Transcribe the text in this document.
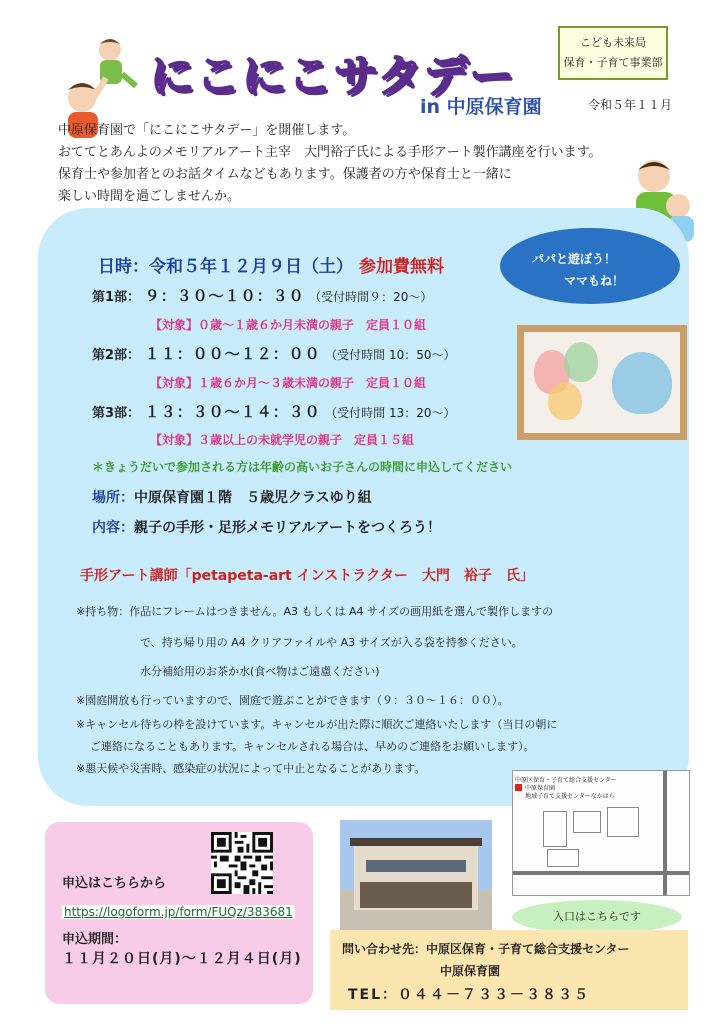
にこにこサタデー
in 中原保育園
こども未来局
保育・子育て事業部
令和５年１１月
中原保育園で「にこにこサタデー」を開催します。
おててとあんよのメモリアルアート主宰　大門裕子氏による手形アート製作講座を行います。
保育士や参加者とのお話タイムなどもあります。保護者の方や保育士と一緒に
楽しい時間を過ごしませんか。
パパと遊ぼう！
ママもね！
日時：令和５年１２月９日（土） 参加費無料
第1部： ９：３０～１０：３０ （受付時間９：20～）
【対象】０歳～１歳６か月未満の親子　定員１０組
第2部： １１：００～１２：００ （受付時間 10：50～）
【対象】１歳６か月～３歳未満の親子　定員１０組
第3部： １３：３０～１４：３０ （受付時間 13：20～）
【対象】３歳以上の未就学児の親子　定員１５組
＊きょうだいで参加される方は年齢の高いお子さんの時間に申込してください
場所：中原保育園１階　５歳児クラスゆり組
内容：親子の手形・足形メモリアルアートをつくろう！
手形アート講師「petapeta-art インストラクター　大門　裕子　氏」
※持ち物：作品にフレームはつきません。A3 もしくは A4 サイズの画用紙を選んで製作しますの
で、持ち帰り用の A4 クリアファイルや A3 サイズが入る袋を持参ください。
水分補給用のお茶か水(食べ物はご遠慮ください)
※園庭開放も行っていますので、園庭で遊ぶことができます（９：３０～１６：００）。
※キャンセル待ちの枠を設けています。キャンセルが出た際に順次ご連絡いたします（当日の朝に
ご連絡になることもあります。キャンセルされる場合は、早めのご連絡をお願いします）。
※悪天候や災害時、感染症の状況によって中止となることがあります。
申込はこちらから
https://logoform.jp/form/FUQz/383681
申込期間：
１１月２０日(月)～１２月４日(月)
中原区保育・子育て総合支援センター
中原保育園
地域子育て支援センターなかはら
入口はこちらです
問い合わせ先：中原区保育・子育て総合支援センター
中原保育園
TEL：０４４－７３３－３８３５
